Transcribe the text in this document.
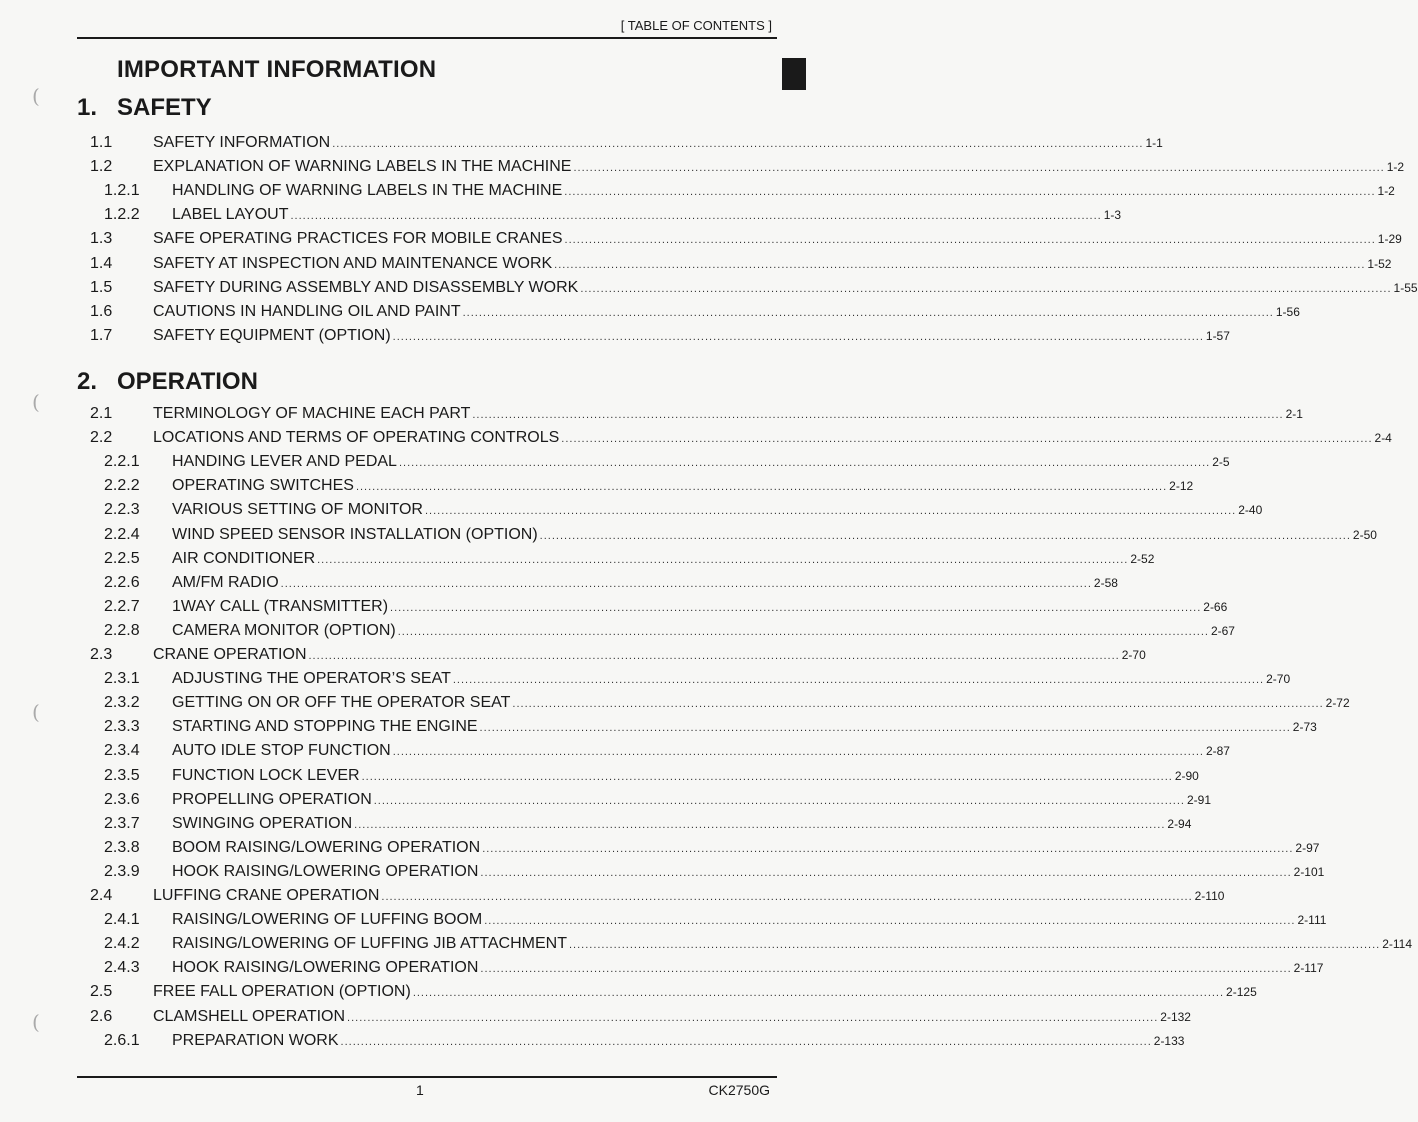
[ TABLE OF CONTENTS ]
IMPORTANT INFORMATION
(
(
(
(
1. SAFETY
1.1	SAFETY INFORMATION ........................................................................................................................................................................................................ 1-1
1.2	EXPLANATION OF WARNING LABELS IN THE MACHINE ........................................................................................................................................................................................................ 1-2
1.2.1 HANDLING OF WARNING LABELS IN THE MACHINE ........................................................................................................................................................................................................ 1-2
1.2.2 LABEL LAYOUT ........................................................................................................................................................................................................ 1-3
1.3	SAFE OPERATING PRACTICES FOR MOBILE CRANES ........................................................................................................................................................................................................ 1-29
1.4	SAFETY AT INSPECTION AND MAINTENANCE WORK ........................................................................................................................................................................................................ 1-52
1.5	SAFETY DURING ASSEMBLY AND DISASSEMBLY WORK ........................................................................................................................................................................................................ 1-55
1.6	CAUTIONS IN HANDLING OIL AND PAINT ........................................................................................................................................................................................................ 1-56
1.7	SAFETY EQUIPMENT (OPTION) ........................................................................................................................................................................................................ 1-57
2. OPERATION
2.1	TERMINOLOGY OF MACHINE EACH PART ........................................................................................................................................................................................................ 2-1
2.2	LOCATIONS AND TERMS OF OPERATING CONTROLS ........................................................................................................................................................................................................ 2-4
2.2.1 HANDING LEVER AND PEDAL ........................................................................................................................................................................................................ 2-5
2.2.2 OPERATING SWITCHES ........................................................................................................................................................................................................ 2-12
2.2.3 VARIOUS SETTING OF MONITOR ........................................................................................................................................................................................................ 2-40
2.2.4 WIND SPEED SENSOR INSTALLATION (OPTION) ........................................................................................................................................................................................................ 2-50
2.2.5 AIR CONDITIONER ........................................................................................................................................................................................................ 2-52
2.2.6 AM/FM RADIO ........................................................................................................................................................................................................ 2-58
2.2.7 1WAY CALL (TRANSMITTER) ........................................................................................................................................................................................................ 2-66
2.2.8 CAMERA MONITOR (OPTION) ........................................................................................................................................................................................................ 2-67
2.3	CRANE OPERATION ........................................................................................................................................................................................................ 2-70
2.3.1 ADJUSTING THE OPERATOR’S SEAT ........................................................................................................................................................................................................ 2-70
2.3.2 GETTING ON OR OFF THE OPERATOR SEAT ........................................................................................................................................................................................................ 2-72
2.3.3 STARTING AND STOPPING THE ENGINE ........................................................................................................................................................................................................ 2-73
2.3.4 AUTO IDLE STOP FUNCTION ........................................................................................................................................................................................................ 2-87
2.3.5 FUNCTION LOCK LEVER ........................................................................................................................................................................................................ 2-90
2.3.6 PROPELLING OPERATION ........................................................................................................................................................................................................ 2-91
2.3.7 SWINGING OPERATION ........................................................................................................................................................................................................ 2-94
2.3.8 BOOM RAISING/LOWERING OPERATION ........................................................................................................................................................................................................ 2-97
2.3.9 HOOK RAISING/LOWERING OPERATION ........................................................................................................................................................................................................ 2-101
2.4	LUFFING CRANE OPERATION ........................................................................................................................................................................................................ 2-110
2.4.1 RAISING/LOWERING OF LUFFING BOOM ........................................................................................................................................................................................................ 2-111
2.4.2 RAISING/LOWERING OF LUFFING JIB ATTACHMENT ........................................................................................................................................................................................................ 2-114
2.4.3 HOOK RAISING/LOWERING OPERATION ........................................................................................................................................................................................................ 2-117
2.5	FREE FALL OPERATION (OPTION) ........................................................................................................................................................................................................ 2-125
2.6	CLAMSHELL OPERATION ........................................................................................................................................................................................................ 2-132
2.6.1 PREPARATION WORK ........................................................................................................................................................................................................ 2-133
1	CK2750G
